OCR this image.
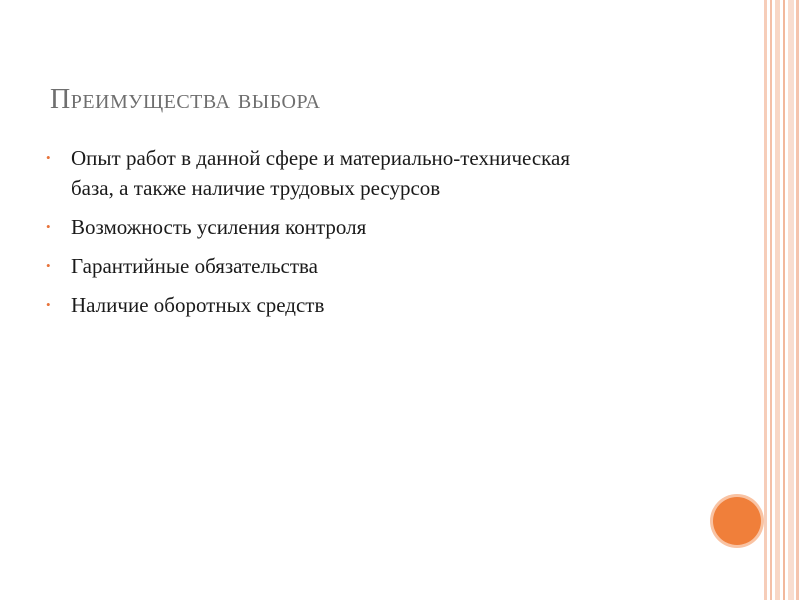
Преимущества выбора
• Опыт работ в данной сфере и материально-техническая база, а также наличие трудовых ресурсов
• Возможность усиления контроля
• Гарантийные обязательства
• Наличие оборотных средств
